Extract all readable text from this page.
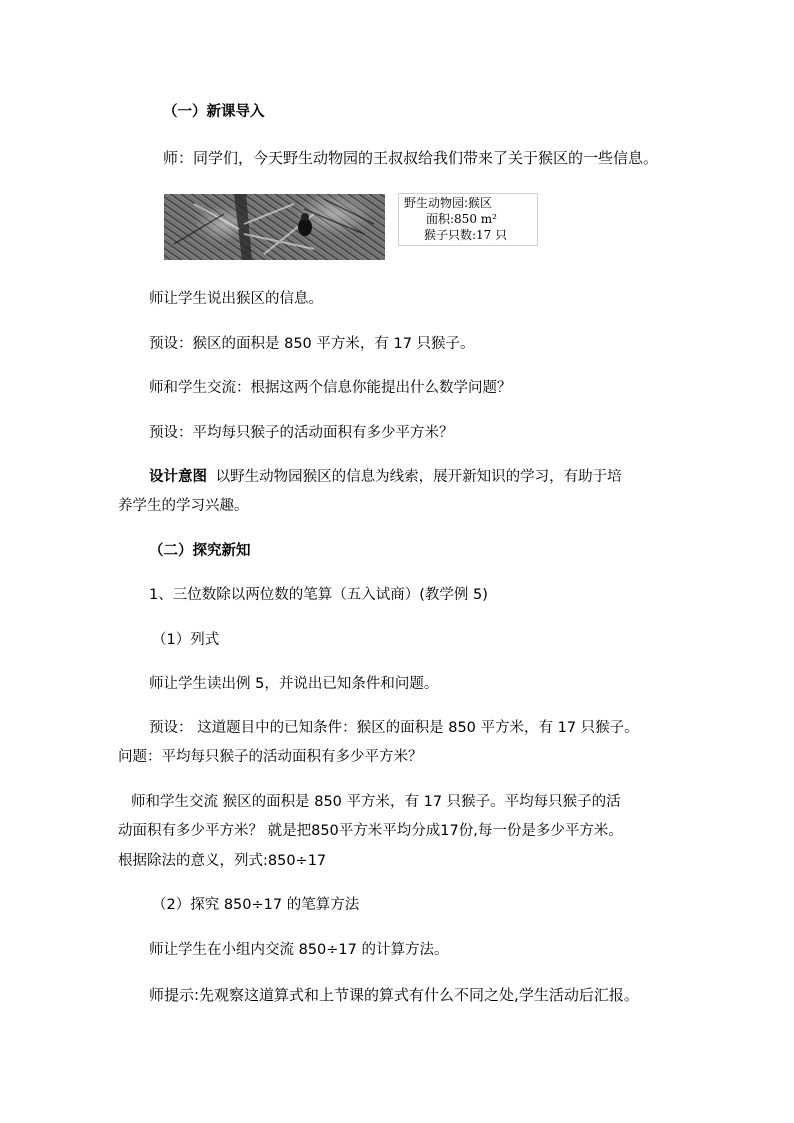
（一）新课导入
师：同学们，今天野生动物园的王叔叔给我们带来了关于猴区的一些信息。
野生动物园:猴区
面积:850 m²
猴子只数:17 只
师让学生说出猴区的信息。
预设：猴区的面积是 850 平方米，有 17 只猴子。
师和学生交流：根据这两个信息你能提出什么数学问题？
预设：平均每只猴子的活动面积有多少平方米？
设计意图 以野生动物园猴区的信息为线索，展开新知识的学习，有助于培
养学生的学习兴趣。
（二）探究新知
1、三位数除以两位数的笔算（五入试商）(教学例 5)
（1）列式
师让学生读出例 5，并说出已知条件和问题。
预设： 这道题目中的已知条件：猴区的面积是 850 平方米，有 17 只猴子。
问题：平均每只猴子的活动面积有多少平方米？
师和学生交流 猴区的面积是 850 平方米，有 17 只猴子。平均每只猴子的活
动面积有多少平方米？ 就是把850平方米平均分成17份,每一份是多少平方米。
根据除法的意义，列式:850÷17
（2）探究 850÷17 的笔算方法
师让学生在小组内交流 850÷17 的计算方法。
师提示:先观察这道算式和上节课的算式有什么不同之处,学生活动后汇报。
